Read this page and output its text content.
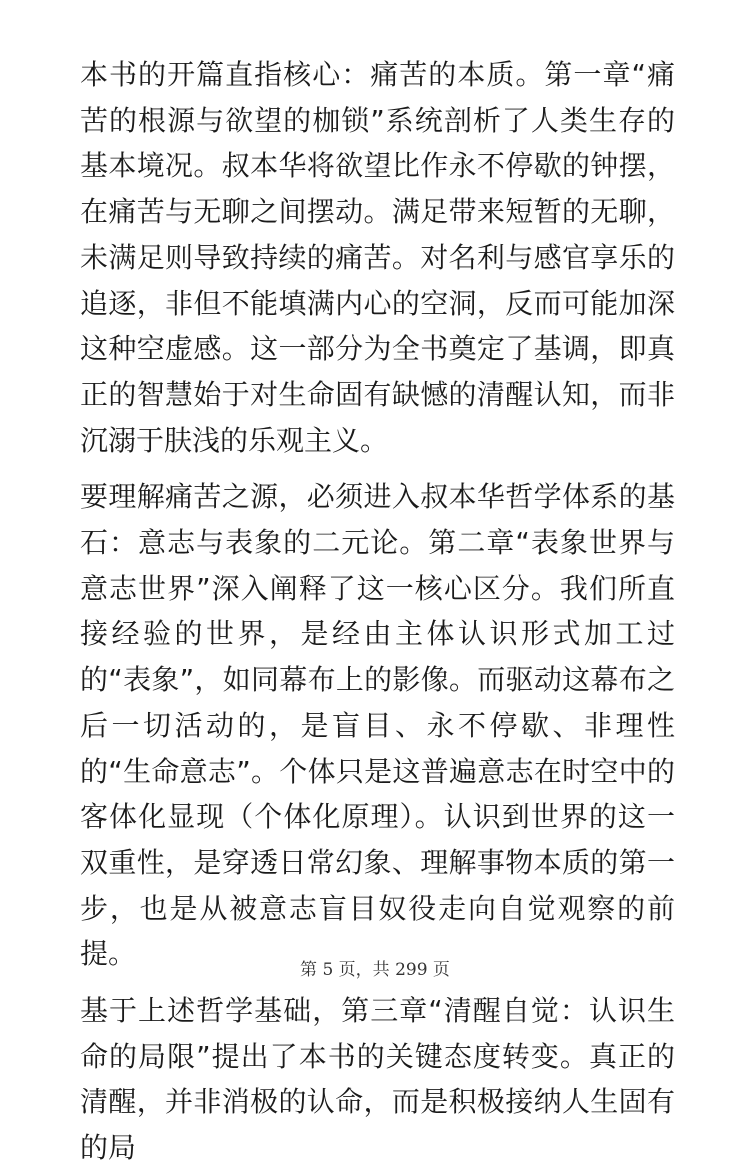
本书的开篇直指核心：痛苦的本质。第一章“痛苦的根源与欲望的枷锁”系统剖析了人类生存的基本境况。叔本华将欲望比作永不停歇的钟摆，在痛苦与无聊之间摆动。满足带来短暂的无聊，未满足则导致持续的痛苦。对名利与感官享乐的追逐，非但不能填满内心的空洞，反而可能加深这种空虚感。这一部分为全书奠定了基调，即真正的智慧始于对生命固有缺憾的清醒认知，而非沉溺于肤浅的乐观主义。

要理解痛苦之源，必须进入叔本华哲学体系的基石：意志与表象的二元论。第二章“表象世界与意志世界”深入阐释了这一核心区分。我们所直接经验的世界，是经由主体认识形式加工过的“表象”，如同幕布上的影像。而驱动这幕布之后一切活动的，是盲目、永不停歇、非理性的“生命意志”。个体只是这普遍意志在时空中的客体化显现（个体化原理）。认识到世界的这一双重性，是穿透日常幻象、理解事物本质的第一步，也是从被意志盲目奴役走向自觉观察的前提。

基于上述哲学基础，第三章“清醒自觉：认识生命的局限”提出了本书的关键态度转变。真正的清醒，并非消极的认命，而是积极接纳人生固有的局

第 5 页，共 299 页
